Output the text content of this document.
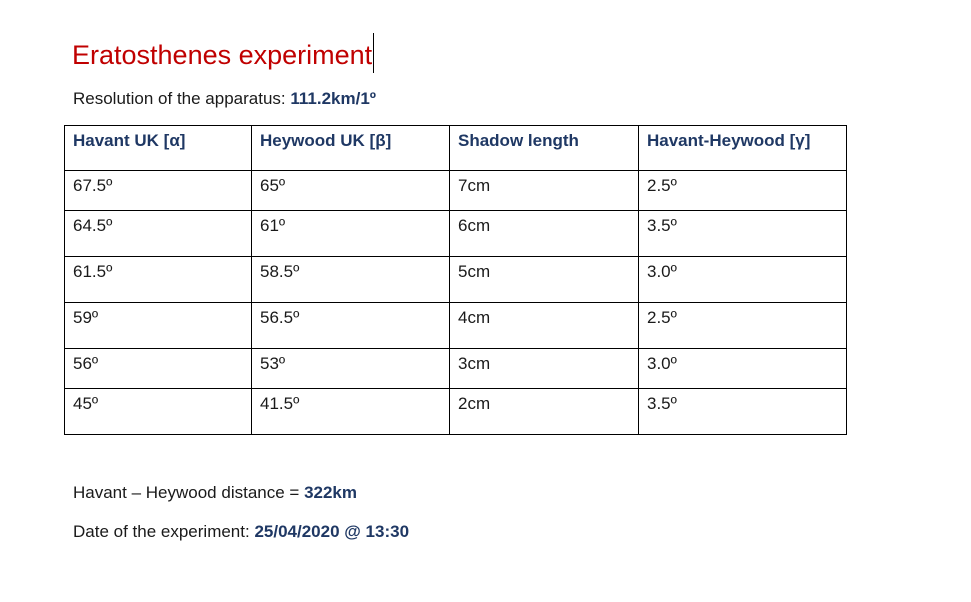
Eratosthenes experiment
Resolution of the apparatus: 111.2km/1º
Havant UK [α]	Heywood UK [β]	Shadow length	Havant-Heywood [γ]
67.5º	65º	7cm	2.5º
64.5º	61º	6cm	3.5º
61.5º	58.5º	5cm	3.0º
59º	56.5º	4cm	2.5º
56º	53º	3cm	3.0º
45º	41.5º	2cm	3.5º
Havant – Heywood distance = 322km
Date of the experiment: 25/04/2020 @ 13:30
